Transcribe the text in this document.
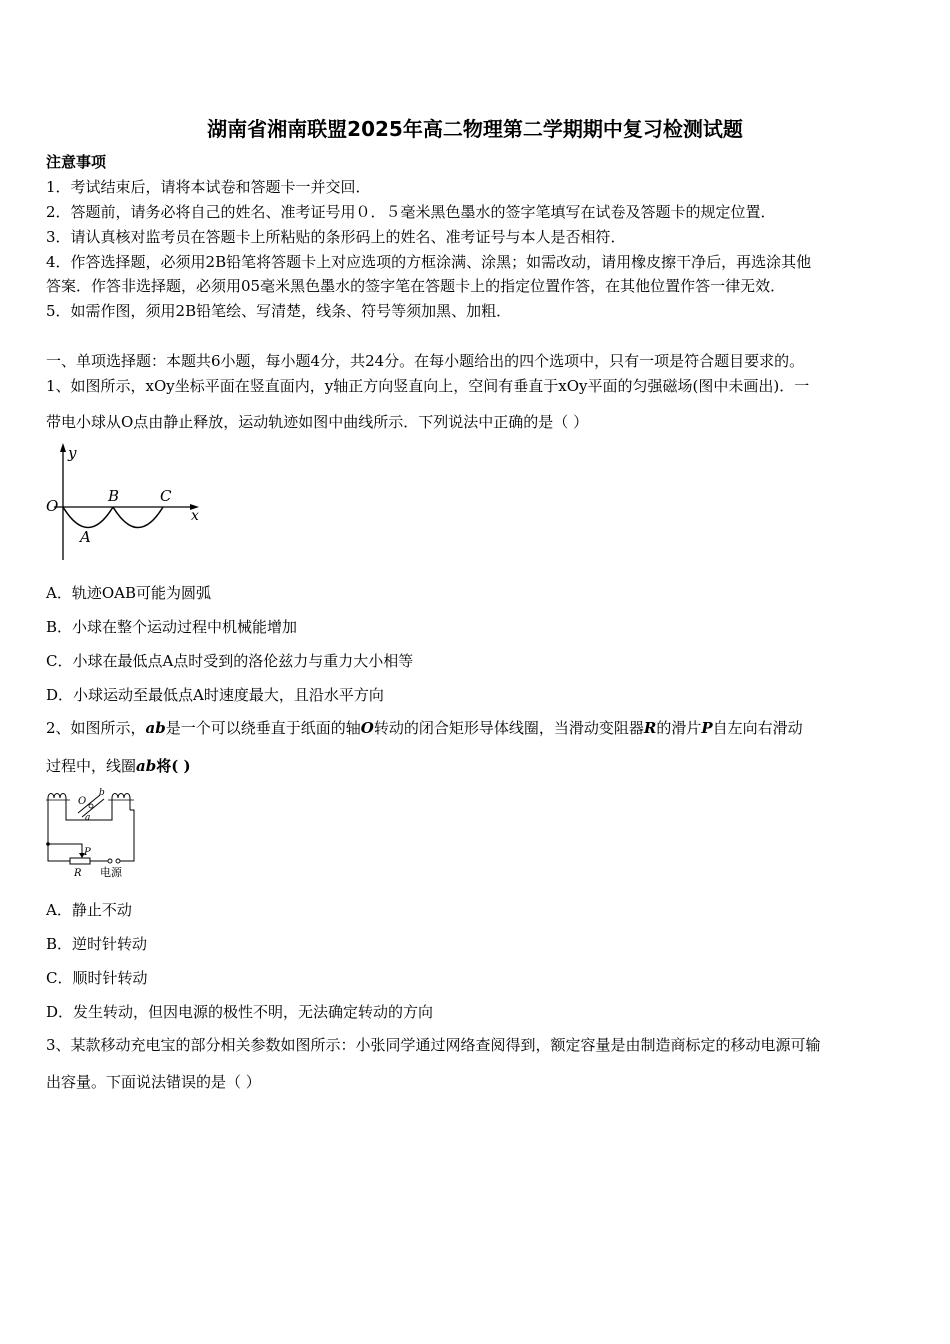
湖南省湘南联盟2025年高二物理第二学期期中复习检测试题
注意事项
1．考试结束后，请将本试卷和答题卡一并交回．
2．答题前，请务必将自己的姓名、准考证号用０．５毫米黑色墨水的签字笔填写在试卷及答题卡的规定位置．
3．请认真核对监考员在答题卡上所粘贴的条形码上的姓名、准考证号与本人是否相符．
4．作答选择题，必须用2B铅笔将答题卡上对应选项的方框涂满、涂黑；如需改动，请用橡皮擦干净后，再选涂其他
答案．作答非选择题，必须用05毫米黑色墨水的签字笔在答题卡上的指定位置作答，在其他位置作答一律无效．
5．如需作图，须用2B铅笔绘、写清楚，线条、符号等须加黑、加粗．
一、单项选择题：本题共6小题，每小题4分，共24分。在每小题给出的四个选项中，只有一项是符合题目要求的。
1、如图所示，xOy坐标平面在竖直面内，y轴正方向竖直向上，空间有垂直于xOy平面的匀强磁场(图中未画出)．一
带电小球从O点由静止释放，运动轨迹如图中曲线所示．下列说法中正确的是（ ）
y
O
A
B	C
x
A．轨迹OAB可能为圆弧
B．小球在整个运动过程中机械能增加
C．小球在最低点A点时受到的洛伦兹力与重力大小相等
D．小球运动至最低点A时速度最大，且沿水平方向
2、如图所示，ab是一个可以绕垂直于纸面的轴O转动的闭合矩形导体线圈，当滑动变阻器R的滑片P自左向右滑动
过程中，线圈ab将( )
O
a
b
P
R 电源
A．静止不动
B．逆时针转动
C．顺时针转动
D．发生转动，但因电源的极性不明，无法确定转动的方向
3、某款移动充电宝的部分相关参数如图所示：小张同学通过网络查阅得到，额定容量是由制造商标定的移动电源可输
出容量。下面说法错误的是（ ）
